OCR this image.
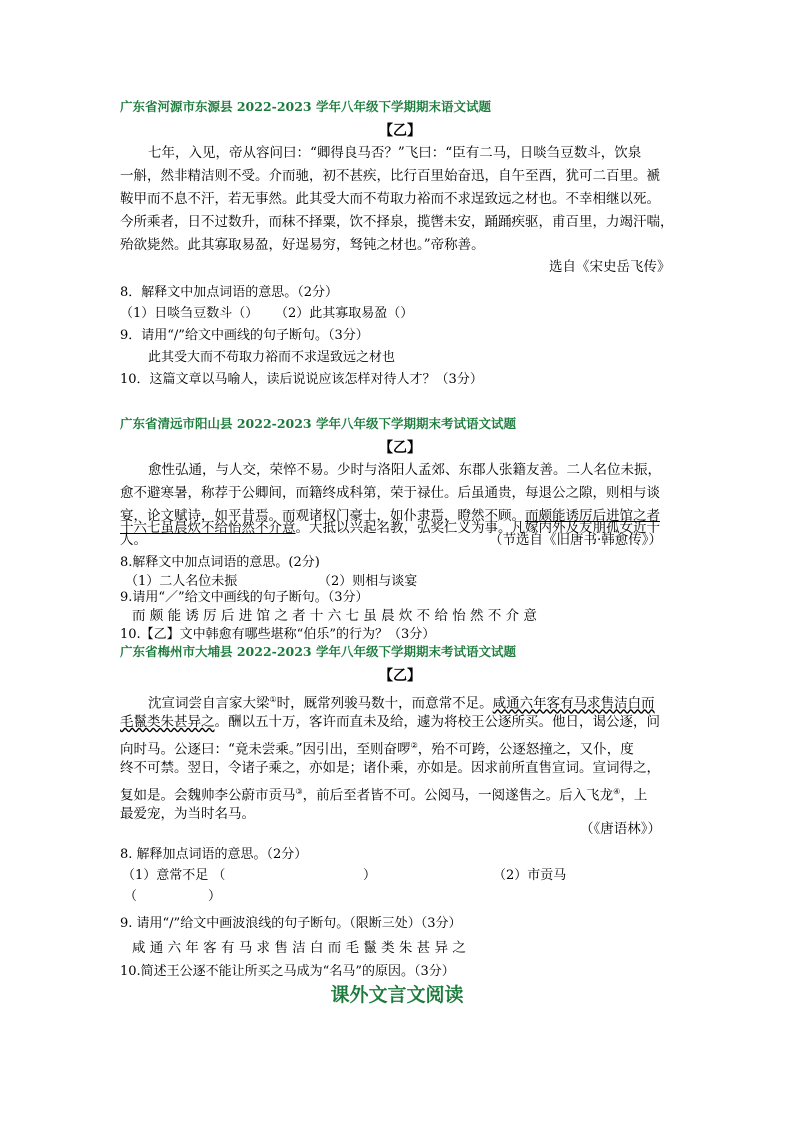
广东省河源市东源县 2022-2023 学年八年级下学期期末语文试题
【乙】
七年，入见，帝从容问曰：“卿得良马否？”飞曰：“臣有二马，日啖刍豆数斗，饮泉
一斛，然非精洁则不受。介而驰，初不甚疾，比行百里始奋迅，自午至酉，犹可二百里。褫
鞍甲而不息不汗，若无事然。此其受大而不苟取力裕而不求逞致远之材也。不幸相继以死。
今所乘者，日不过数升，而秣不择粟，饮不择泉，揽辔未安，踊踊疾驱，甫百里，力竭汗喘，
殆欲毙然。此其寡取易盈，好逞易穷，驽钝之材也。”帝称善。
选自《宋史岳飞传》
8．解释文中加点词语的意思。（2分）
（1）日啖刍豆数斗（） （2）此其寡取易盈（）
9．请用“/”给文中画线的句子断句。（3分）
此其受大而不苟取力裕而不求逞致远之材也
10．这篇文章以马喻人，读后说说应该怎样对待人才？（3分）
广东省清远市阳山县 2022-2023 学年八年级下学期期末考试语文试题
【乙】
愈性弘通，与人交，荣悴不易。少时与洛阳人孟郊、东郡人张籍友善。二人名位未振，
愈不避寒暑，称荐于公卿间，而籍终成科第，荣于禄仕。后虽通贵，每退公之隙，则相与谈
宴，论文赋诗，如平昔焉。而观诸权门豪士，如仆隶焉，瞪然不顾。而颇能诱厉后进馆之者
十六七虽晨炊不给怡然不介意。大抵以兴起名教，弘奖仁义为事。凡嫁内外及友朋孤女近十
人。	（节选自《旧唐书·韩愈传》）
8.解释文中加点词语的意思。(2分)
（1）二人名位未振	（2）则相与谈宴
9.请用“／”给文中画线的句子断句。（3分）
而 颇 能 诱 厉 后 进 馆 之 者 十 六 七 虽 晨 炊 不 给 怡 然 不 介 意
10.【乙】文中韩愈有哪些堪称“伯乐”的行为？（3分）
广东省梅州市大埔县 2022-2023 学年八年级下学期期末考试语文试题
【乙】
沈宣词尝自言家大梁①时，厩常列骏马数十，而意常不足。咸通六年客有马求售洁白而
毛鬣类朱甚异之。酬以五十万，客许而直未及给，遽为将校王公逐所买。他日，谒公逐，问
向时马。公逐曰：“竟未尝乘。”因引出，至则奋啰②，殆不可跨，公逐怒撞之，又仆，度
终不可禁。翌日，令诸子乘之，亦如是；诸仆乘，亦如是。因求前所直售宣词。宣词得之，
复如是。会魏帅李公蔚市贡马③，前后至者皆不可。公阅马，一阅遂售之。后入飞龙④，上
最爱宠，为当时名马。
（《唐语林》）
8. 解释加点词语的意思。（2分）
（1）意常不足 （	）	（2）市贡马
（	）
9. 请用“/”给文中画波浪线的句子断句。（限断三处）（3分）
咸 通 六 年 客 有 马 求 售 洁 白 而 毛 鬣 类 朱 甚 异 之
10.简述王公逐不能让所买之马成为“名马”的原因。（3分）
课外文言文阅读
